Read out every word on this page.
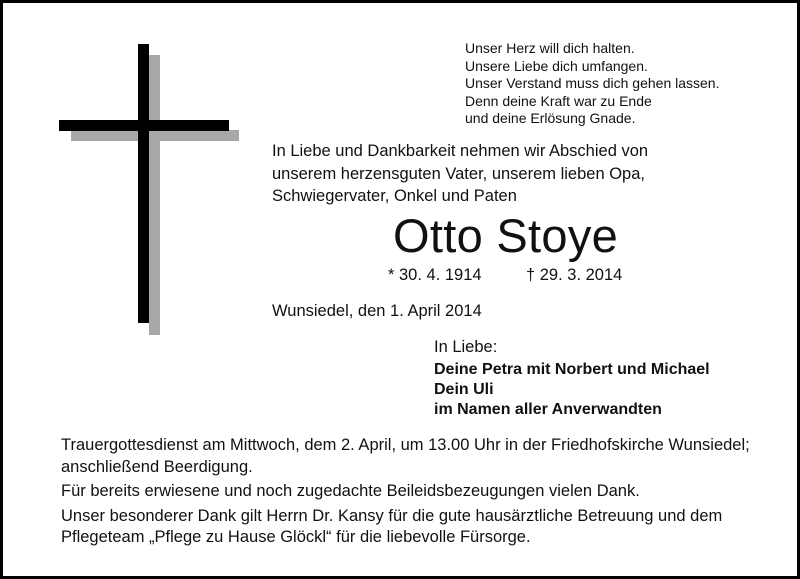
Unser Herz will dich halten.
Unsere Liebe dich umfangen.
Unser Verstand muss dich gehen lassen.
Denn deine Kraft war zu Ende
und deine Erlösung Gnade.
In Liebe und Dankbarkeit nehmen wir Abschied von
unserem herzensguten Vater, unserem lieben Opa,
Schwiegervater, Onkel und Paten
Otto Stoye
* 30. 4. 1914	† 29. 3. 2014
Wunsiedel, den 1. April 2014
In Liebe:
Deine Petra mit Norbert und Michael
Dein Uli
im Namen aller Anverwandten

Trauergottesdienst am Mittwoch, dem 2. April, um 13.00 Uhr in der Friedhofskirche Wunsiedel; anschließend Beerdigung.

Für bereits erwiesene und noch zugedachte Beileidsbezeugungen vielen Dank.

Unser besonderer Dank gilt Herrn Dr. Kansy für die gute hausärztliche Betreuung und dem Pflegeteam „Pflege zu Hause Glöckl“ für die liebevolle Fürsorge.
